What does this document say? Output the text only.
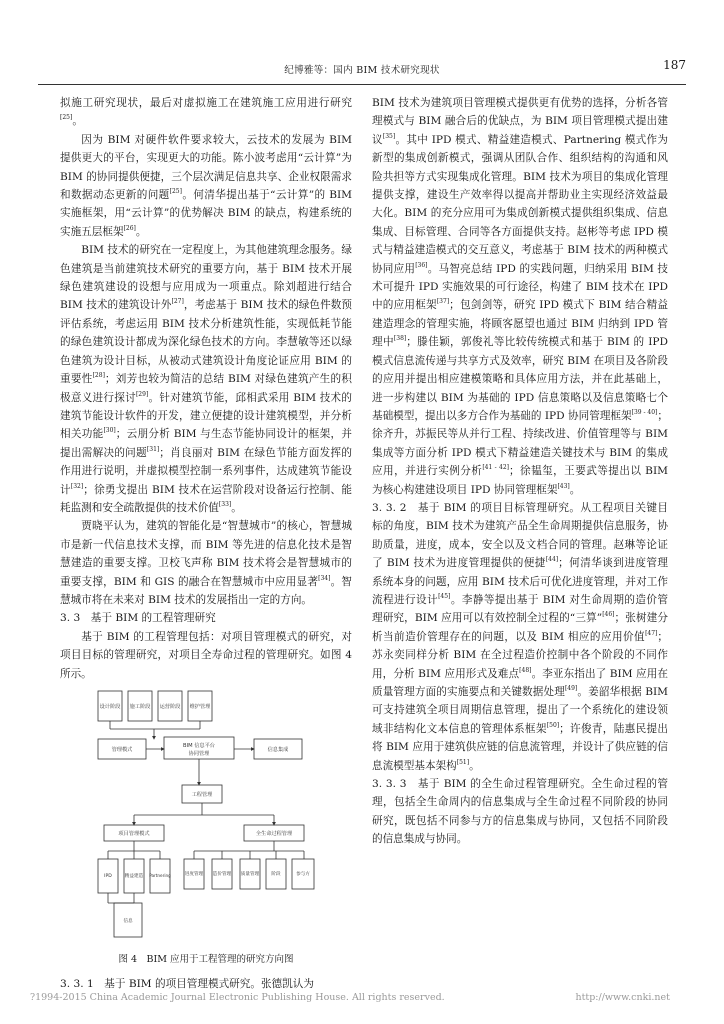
纪博雅等：国内 BIM 技术研究现状	187

拟施工研究现状，最后对虚拟施工在建筑施工应用进行研究[25]。

因为 BIM 对硬件软件要求较大，云技术的发展为 BIM 提供更大的平台，实现更大的功能。陈小波考虑用“云计算”为 BIM 的协同提供便捷，三个层次满足信息共享、企业权限需求和数据动态更新的问题[25]。何清华提出基于“云计算”的 BIM 实施框架，用“云计算”的优势解决 BIM 的缺点，构建系统的实施五层框架[26]。

BIM 技术的研究在一定程度上，为其他建筑理念服务。绿色建筑是当前建筑技术研究的重要方向，基于 BIM 技术开展绿色建筑建设的设想与应用成为一项重点。除刘超进行结合 BIM 技术的建筑设计外[27]，考虑基于 BIM 技术的绿色件数预评估系统，考虑运用 BIM 技术分析建筑性能，实现低耗节能的绿色建筑设计都成为深化绿色技术的方向。李慧敏等还以绿色建筑为设计目标，从被动式建筑设计角度论证应用 BIM 的重要性[28]；刘芳也较为简洁的总结 BIM 对绿色建筑产生的积极意义进行探讨[29]。针对建筑节能，邱相武采用 BIM 技术的建筑节能设计软件的开发，建立便捷的设计建筑模型，并分析相关功能[30]；云朋分析 BIM 与生态节能协同设计的框架，并提出需解决的问题[31]；肖良丽对 BIM 在绿色节能方面发挥的作用进行说明，并虚拟模型控制一系列事件，达成建筑节能设计[32]；徐勇戈提出 BIM 技术在运营阶段对设备运行控制、能耗监测和安全疏散提供的技术价值[33]。

贾晓平认为，建筑的智能化是“智慧城市”的核心，智慧城市是新一代信息技术支撑，而 BIM 等先进的信息化技术是智慧建造的重要支撑。卫校飞声称 BIM 技术将会是智慧城市的重要支撑，BIM 和 GIS 的融合在智慧城市中应用显著[34]。智慧城市将在未来对 BIM 技术的发展指出一定的方向。

3. 3　基于 BIM 的工程管理研究

基于 BIM 的工程管理包括：对项目管理模式的研究，对项目目标的管理研究，对项目全寿命过程的管理研究。如图 4 所示。

设计阶段 施工阶段 运营阶段 维护管理
BIM 信息平台
协同管理
信息集成
管理模式
工程管理
项目管理模式	全生命过程管理
IPD	精益建造 Partnering	进度管理 造价管理 质量管理	阶段	参与方
信息
图 4　BIM 应用于工程管理的研究方向图

3. 3. 1　基于 BIM 的项目管理模式研究。张德凯认为

BIM 技术为建筑项目管理模式提供更有优势的选择，分析各管理模式与 BIM 融合后的优缺点，为 BIM 项目管理模式提出建议[35]。其中 IPD 模式、精益建造模式、Partnering 模式作为新型的集成创新模式，强调从团队合作、组织结构的沟通和风险共担等方式实现集成化管理。BIM 技术为项目的集成化管理提供支撑，建设生产效率得以提高并帮助业主实现经济效益最大化。BIM 的充分应用可为集成创新模式提供组织集成、信息集成、目标管理、合同等各方面提供支持。赵彬等考虑 IPD 模式与精益建造模式的交互意义，考虑基于 BIM 技术的两种模式协同应用[36]。马智亮总结 IPD 的实践问题，归纳采用 BIM 技术可提升 IPD 实施效果的可行途径，构建了 BIM 技术在 IPD 中的应用框架[37]；包剑剑等，研究 IPD 模式下 BIM 结合精益建造理念的管理实施，将顾客愿望也通过 BIM 归纳到 IPD 管理中[38]；滕佳颖，郭俊礼等比较传统模式和基于 BIM 的 IPD 模式信息流传递与共享方式及效率，研究 BIM 在项目及各阶段的应用并提出相应建模策略和具体应用方法，并在此基础上，进一步构建以 BIM 为基础的 IPD 信息策略以及信息策略七个基础模型，提出以多方合作为基础的 IPD 协同管理框架[39 - 40]；徐齐升，苏振民等从并行工程、持续改进、价值管理等与 BIM 集成等方面分析 IPD 模式下精益建造关键技术与 BIM 的集成应用，并进行实例分析[41 - 42]；徐韫玺，王要武等提出以 BIM 为核心构建建设项目 IPD 协同管理框架[43]。

3. 3. 2　基于 BIM 的项目目标管理研究。从工程项目关键目标的角度，BIM 技术为建筑产品全生命周期提供信息服务，协助质量，进度，成本，安全以及文档合同的管理。赵琳等论证了 BIM 技术为进度管理提供的便捷[44]；何清华谈到进度管理系统本身的问题，应用 BIM 技术后可优化进度管理，并对工作流程进行设计[45]。李静等提出基于 BIM 对生命周期的造价管理研究，BIM 应用可以有效控制全过程的“三算”[46]；张树建分析当前造价管理存在的问题，以及 BIM 相应的应用价值[47]；苏永奕同样分析 BIM 在全过程造价控制中各个阶段的不同作用，分析 BIM 应用形式及难点[48]。李亚东指出了 BIM 应用在质量管理方面的实施要点和关键数据处理[49]。姜韶华根据 BIM 可支持建筑全项目周期信息管理，提出了一个系统化的建设领域非结构化文本信息的管理体系框架[50]；许俊青，陆惠民提出将 BIM 应用于建筑供应链的信息流管理，并设计了供应链的信息流模型基本架构[51]。

3. 3. 3　基于 BIM 的全生命过程管理研究。全生命过程的管理，包括全生命周内的信息集成与全生命过程不同阶段的协同研究，既包括不同参与方的信息集成与协同，又包括不同阶段的信息集成与协同。

?1994-2015 China Academic Journal Electronic Publishing House. All rights reserved.	http://www.cnki.net
